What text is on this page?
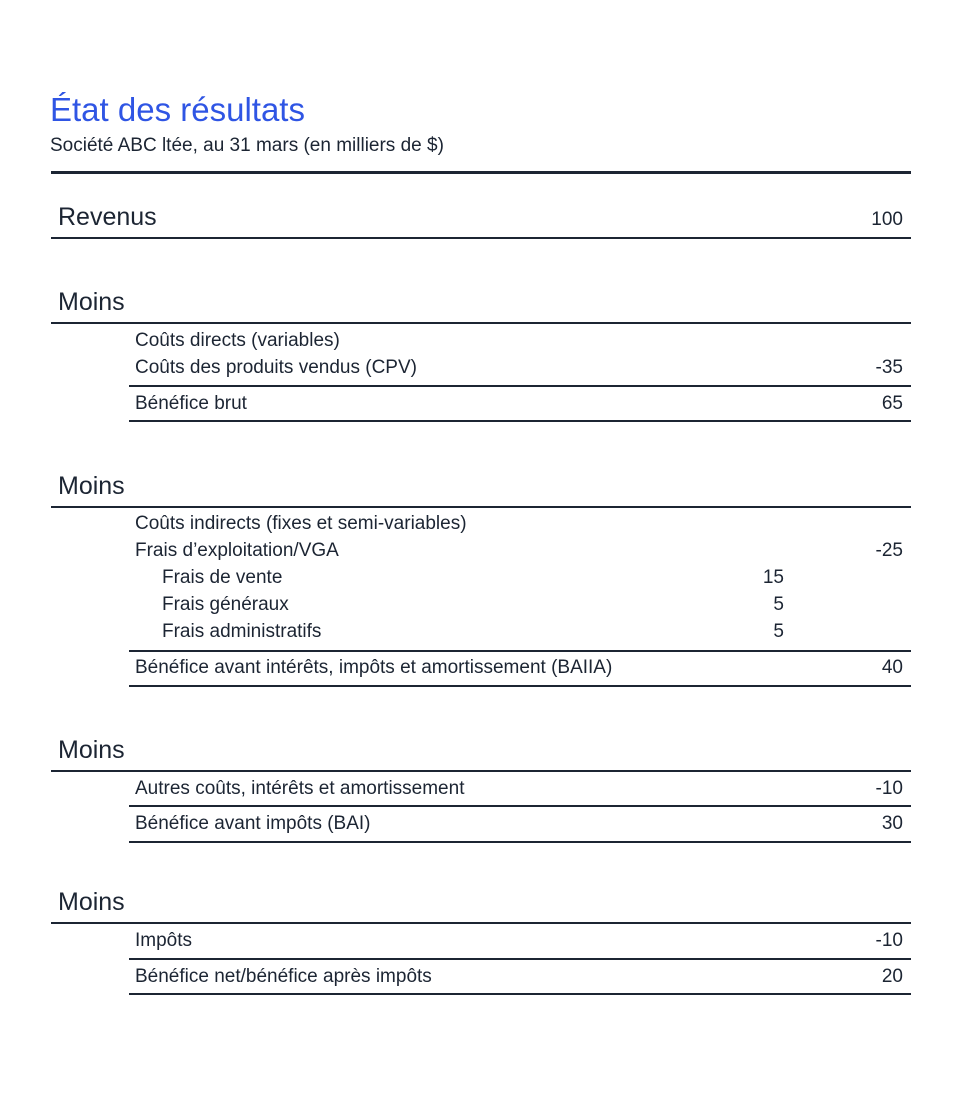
État des résultats
Société ABC ltée, au 31 mars (en milliers de $)
Revenus	100
Moins
Coûts directs (variables)
Coûts des produits vendus (CPV)	-35
Bénéfice brut	65
Moins
Coûts indirects (fixes et semi-variables)
Frais d’exploitation/VGA	-25
Frais de vente	15
Frais généraux	5
Frais administratifs	5
Bénéfice avant intérêts, impôts et amortissement (BAIIA)	40
Moins
Autres coûts, intérêts et amortissement	-10
Bénéfice avant impôts (BAI)	30
Moins
Impôts	-10
Bénéfice net/bénéfice après impôts	20
